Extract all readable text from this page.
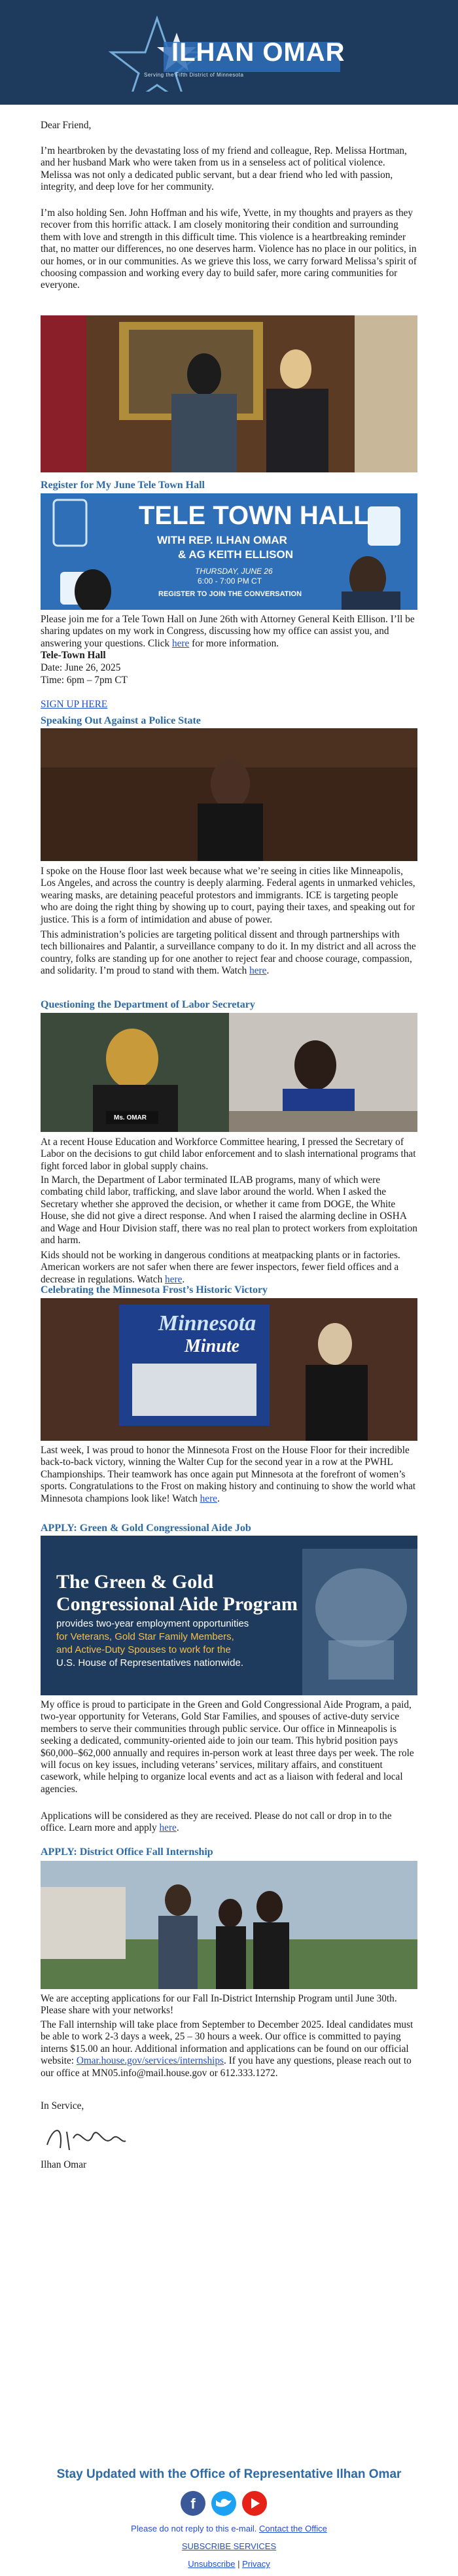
ILHAN OMAR
Serving the Fifth District of Minnesota

Dear Friend,

I’m heartbroken by the devastating loss of my friend and colleague, Rep. Melissa Hortman, and her husband Mark who were taken from us in a senseless act of political violence. Melissa was not only a dedicated public servant, but a dear friend who led with passion, integrity, and deep love for her community.

I’m also holding Sen. John Hoffman and his wife, Yvette, in my thoughts and prayers as they recover from this horrific attack. I am closely monitoring their condition and surrounding them with love and strength in this difficult time. This violence is a heartbreaking reminder that, no matter our differences, no one deserves harm. Violence has no place in our politics, in our homes, or in our communities. As we grieve this loss, we carry forward Melissa’s spirit of choosing compassion and working every day to build safer, more caring communities for everyone.

Register for My June Tele Town Hall
TELE TOWN HALL
WITH REP. ILHAN OMAR
& AG KEITH ELLISON
THURSDAY, JUNE 26
6:00 - 7:00 PM CT
REGISTER TO JOIN THE CONVERSATION

Please join me for a Tele Town Hall on June 26th with Attorney General Keith Ellison. I’ll be sharing updates on my work in Congress, discussing how my office can assist you, and answering your questions. Click here for more information.

Tele-Town Hall

Date: June 26, 2025

Time: 6pm – 7pm CT

SIGN UP HERE

Speaking Out Against a Police State

I spoke on the House floor last week because what we’re seeing in cities like Minneapolis, Los Angeles, and across the country is deeply alarming. Federal agents in unmarked vehicles, wearing masks, are detaining peaceful protestors and immigrants. ICE is targeting people who are doing the right thing by showing up to court, paying their taxes, and speaking out for justice. This is a form of intimidation and abuse of power.

This administration’s policies are targeting political dissent and through partnerships with tech billionaires and Palantir, a surveillance company to do it. In my district and all across the country, folks are standing up for one another to reject fear and choose courage, compassion, and solidarity. I’m proud to stand with them. Watch here.

Questioning the Department of Labor Secretary
Ms. OMAR

At a recent House Education and Workforce Committee hearing, I pressed the Secretary of Labor on the decisions to gut child labor enforcement and to slash international programs that fight forced labor in global supply chains.

In March, the Department of Labor terminated ILAB programs, many of which were combating child labor, trafficking, and slave labor around the world. When I asked the Secretary whether she approved the decision, or whether it came from DOGE, the White House, she did not give a direct response. And when I raised the alarming decline in OSHA and Wage and Hour Division staff, there was no real plan to protect workers from exploitation and harm.

Kids should not be working in dangerous conditions at meatpacking plants or in factories. American workers are not safer when there are fewer inspectors, fewer field offices and a decrease in regulations. Watch here.

Celebrating the Minnesota Frost’s Historic Victory
Minnesota
Minute

Last week, I was proud to honor the Minnesota Frost on the House Floor for their incredible back-to-back victory, winning the Walter Cup for the second year in a row at the PWHL Championships. Their teamwork has once again put Minnesota at the forefront of women’s sports. Congratulations to the Frost on making history and continuing to show the world what Minnesota champions look like! Watch here.

APPLY: Green & Gold Congressional Aide Job
The Green & Gold
Congressional Aide Program
provides two-year employment opportunities
for Veterans, Gold Star Family Members,
and Active-Duty Spouses to work for the
U.S. House of Representatives nationwide.

My office is proud to participate in the Green and Gold Congressional Aide Program, a paid, two-year opportunity for Veterans, Gold Star Families, and spouses of active-duty service members to serve their communities through public service. Our office in Minneapolis is seeking a dedicated, community-oriented aide to join our team. This hybrid position pays $60,000–$62,000 annually and requires in-person work at least three days per week. The role will focus on key issues, including veterans’ services, military affairs, and constituent casework, while helping to organize local events and act as a liaison with federal and local agencies.

Applications will be considered as they are received. Please do not call or drop in to the office. Learn more and apply here.

APPLY: District Office Fall Internship

We are accepting applications for our Fall In-District Internship Program until June 30th. Please share with your networks!

The Fall internship will take place from September to December 2025. Ideal candidates must be able to work 2-3 days a week, 25 – 30 hours a week. Our office is committed to paying interns $15.00 an hour. Additional information and applications can be found on our official website: Omar.house.gov/services/internships. If you have any questions, please reach out to our office at MN05.info@mail.house.gov or 612.333.1272.

In Service,

Ilhan Omar

Stay Updated with the Office of Representative Ilhan Omar
f
Please do not reply to this e-mail. Contact the Office
SUBSCRIBE SERVICES
Unsubscribe | Privacy
